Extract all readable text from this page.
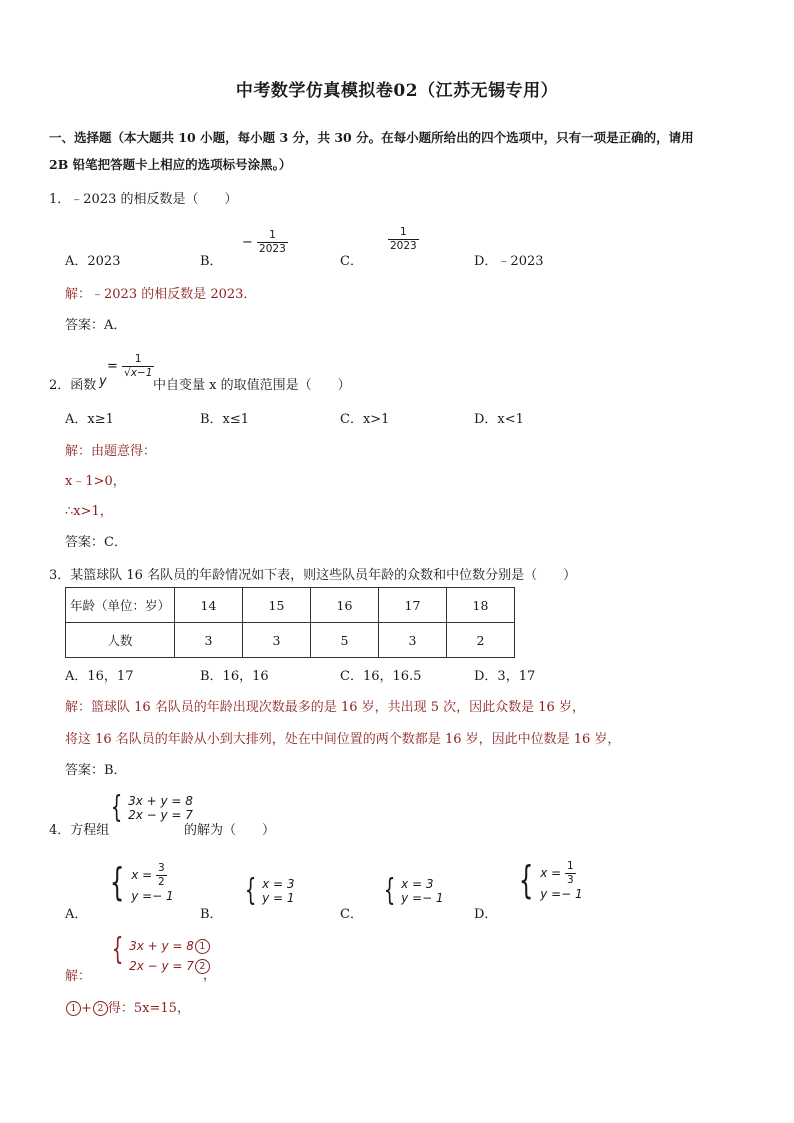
中考数学仿真模拟卷02（江苏无锡专用）
一、选择题（本大题共 10 小题，每小题 3 分，共 30 分。在每小题所给出的四个选项中，只有一项是正确的，请用
2B 铅笔把答题卡上相应的选项标号涂黑。）
1．﹣2023 的相反数是（　　）
A．2023	B．
− $\frac{1}{2023}$
C．
$\frac{1}{2023}$
D．﹣2023
解：﹣2023 的相反数是 2023．
答案：A．
2．函数 y
= $\frac{1}{√x-1}$
中自变量 x 的取值范围是（　　）
A．x≥1	B．x≤1	C．x>1	D．x<1
解：由题意得：
x﹣1>0，
∴x>1，
答案：C．
3．某篮球队 16 名队员的年龄情况如下表，则这些队员年龄的众数和中位数分别是（　　）
年龄（单位：岁）	14	15	16	17	18
人数	3	3	5	3	2
A．16，17	B．16，16	C．16，16.5	D．3，17
解：篮球队 16 名队员的年龄出现次数最多的是 16 岁，共出现 5 次，因此众数是 16 岁，
将这 16 名队员的年龄从小到大排列，处在中间位置的两个数都是 16 岁，因此中位数是 16 岁，
答案：B．
4．方程组
{ 3x + y = 8
2x − y = 7
的解为（　　）
A．
{ $x = \frac{3}{2}$
y =− 1
B．
{ x = 3
y = 1
C．
{ x = 3
y =− 1
D．
{ $x = \frac{1}{3}$
y =− 1
解：
{ 3x + y = 8 1
2x − y = 7 2
，
1 + 2 得：5x=15，
